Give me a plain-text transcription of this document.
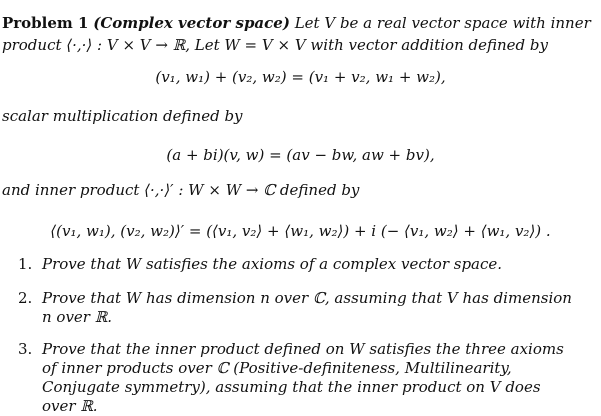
Problem 1 (Complex vector space) Let V be a real vector space with inner product ⟨·,·⟩ : V × V → ℝ, Let W = V × V with vector addition defined by
(v₁, w₁) + (v₂, w₂) = (v₁ + v₂, w₁ + w₂),
scalar multiplication defined by
(a + bi)(v, w) = (av − bw, aw + bv),
and inner product ⟨·,·⟩′ : W × W → ℂ defined by
⟨(v₁, w₁), (v₂, w₂)⟩′ = (⟨v₁, v₂⟩ + ⟨w₁, w₂⟩) + i (− ⟨v₁, w₂⟩ + ⟨w₁, v₂⟩) .
1. Prove that W satisfies the axioms of a complex vector space.
2. Prove that W has dimension n over ℂ, assuming that V has dimension n over ℝ.
3. Prove that the inner product defined on W satisfies the three axioms of inner products over ℂ (Positive-definiteness, Multilinearity, Conjugate symmetry), assuming that the inner product on V does over ℝ.
